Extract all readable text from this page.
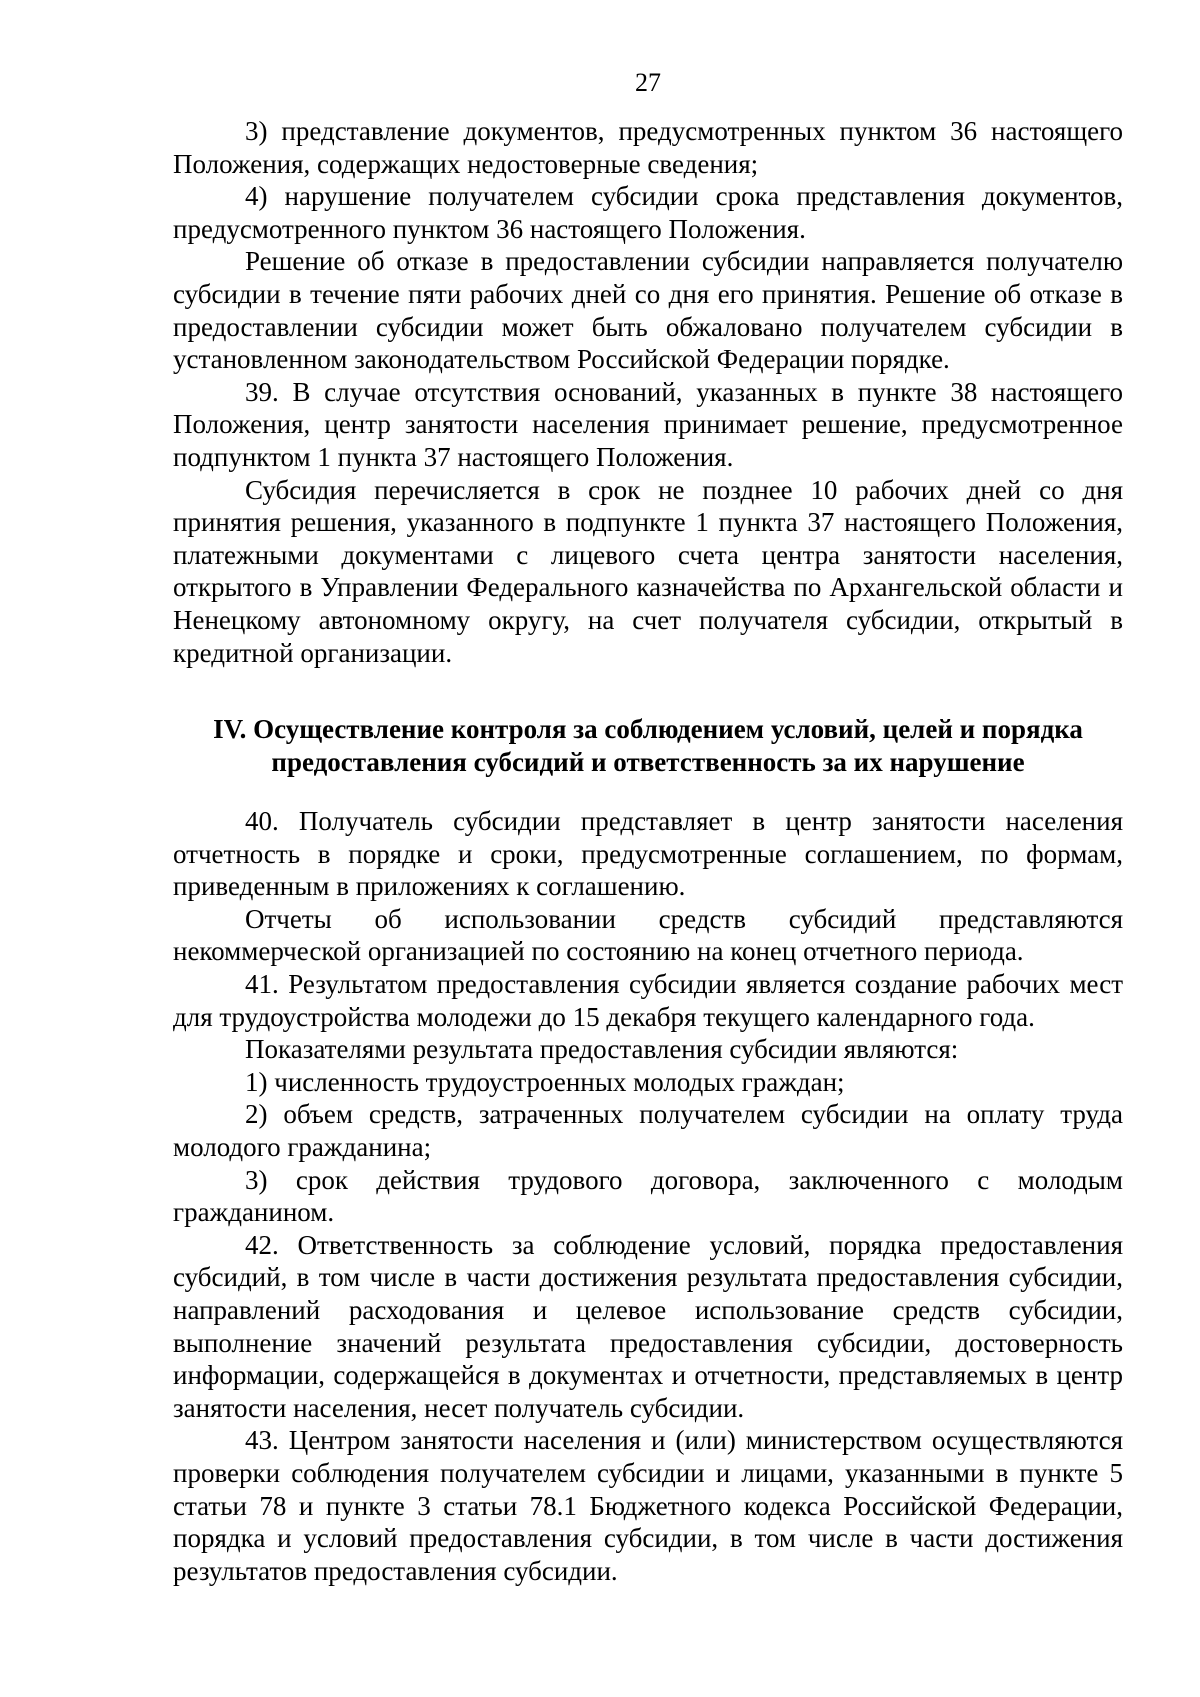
27

3) представление документов, предусмотренных пунктом 36 настоящего Положения, содержащих недостоверные сведения;

4) нарушение получателем субсидии срока представления документов, предусмотренного пунктом 36 настоящего Положения.

Решение об отказе в предоставлении субсидии направляется получателю субсидии в течение пяти рабочих дней со дня его принятия. Решение об отказе в предоставлении субсидии может быть обжаловано получателем субсидии в установленном законодательством Российской Федерации порядке.

39. В случае отсутствия оснований, указанных в пункте 38 настоящего Положения, центр занятости населения принимает решение, предусмотренное подпунктом 1 пункта 37 настоящего Положения.

Субсидия перечисляется в срок не позднее 10 рабочих дней со дня принятия решения, указанного в подпункте 1 пункта 37 настоящего Положения, платежными документами с лицевого счета центра занятости населения, открытого в Управлении Федерального казначейства по Архангельской области и Ненецкому автономному округу, на счет получателя субсидии, открытый в кредитной организации.

IV. Осуществление контроля за соблюдением условий, целей и порядка

предоставления субсидий и ответственность за их нарушение

40. Получатель субсидии представляет в центр занятости населения отчетность в порядке и сроки, предусмотренные соглашением, по формам, приведенным в приложениях к соглашению.

Отчеты об использовании средств субсидий представляются некоммерческой организацией по состоянию на конец отчетного периода.

41. Результатом предоставления субсидии является создание рабочих мест для трудоустройства молодежи до 15 декабря текущего календарного года.

Показателями результата предоставления субсидии являются:

1) численность трудоустроенных молодых граждан;

2) объем средств, затраченных получателем субсидии на оплату труда молодого гражданина;

3) срок действия трудового договора, заключенного с молодым гражданином.

42. Ответственность за соблюдение условий, порядка предоставления субсидий, в том числе в части достижения результата предоставления субсидии, направлений расходования и целевое использование средств субсидии, выполнение значений результата предоставления субсидии, достоверность информации, содержащейся в документах и отчетности, представляемых в центр занятости населения, несет получатель субсидии.

43. Центром занятости населения и (или) министерством осуществляются проверки соблюдения получателем субсидии и лицами, указанными в пункте 5 статьи 78 и пункте 3 статьи 78.1 Бюджетного кодекса Российской Федерации, порядка и условий предоставления субсидии, в том числе в части достижения результатов предоставления субсидии.
